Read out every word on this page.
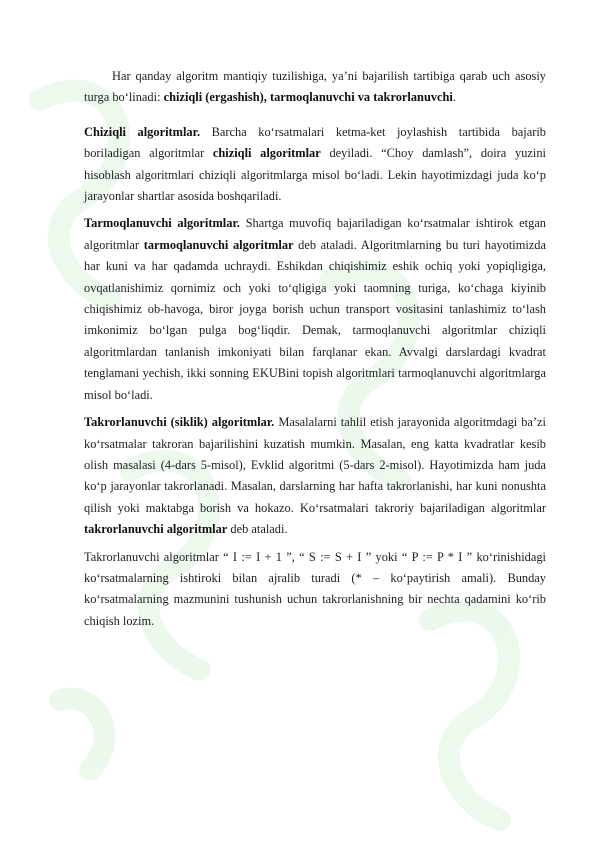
Har qanday algoritm mantiqiy tuzilishiga, ya’ni bajarilish tartibiga qarab uch asosiy turga bo‘linadi: chiziqli (ergashish), tarmoqlanuvchi va takrorlanuvchi.

Chiziqli algoritmlar. Barcha ko‘rsatmalari ketma-ket joylashish tartibida bajarib boriladigan algoritmlar chiziqli algoritmlar deyiladi. “Choy damlash”, doira yuzini hisoblash algoritmlari chiziqli algoritmlarga misol bo‘ladi. Lekin hayotimizdagi juda ko‘p jarayonlar shartlar asosida boshqariladi.

Tarmoqlanuvchi algoritmlar. Shartga muvofiq bajariladigan ko‘rsatmalar ishtirok etgan algoritmlar tarmoqlanuvchi algoritmlar deb ataladi. Algoritmlarning bu turi hayotimizda har kuni va har qadamda uchraydi. Eshikdan chiqishimiz eshik ochiq yoki yopiqligiga, ovqatlanishimiz qornimiz och yoki to‘qligiga yoki taomning turiga, ko‘chaga kiyinib chiqishimiz ob-havoga, biror joyga borish uchun transport vositasini tanlashimiz to‘lash imkonimiz bo‘lgan pulga bog‘liqdir. Demak, tarmoqlanuvchi algoritmlar chiziqli algoritmlardan tanlanish imkoniyati bilan farqlanar ekan. Avvalgi darslardagi kvadrat tenglamani yechish, ikki sonning EKUBini topish algoritmlari tarmoqlanuvchi algoritmlarga misol bo‘ladi.

Takrorlanuvchi (siklik) algoritmlar. Masalalarni tahlil etish jarayonida algoritmdagi ba’zi ko‘rsatmalar takroran bajarilishini kuzatish mumkin. Masalan, eng katta kvadratlar kesib olish masalasi (4-dars 5-misol), Evklid algoritmi (5-dars 2-misol). Hayotimizda ham juda ko‘p jarayonlar takrorlanadi. Masalan, darslarning har hafta takrorlanishi, har kuni nonushta qilish yoki maktabga borish va hokazo. Ko‘rsatmalari takroriy bajariladigan algoritmlar takrorlanuvchi algoritmlar deb ataladi.

Takrorlanuvchi algoritmlar “ I := I + 1 ”, “ S := S + I ” yoki “ P := P * I ” ko‘rinishidagi ko‘rsatmalarning ishtiroki bilan ajralib turadi (* – ko‘paytirish amali). Bunday ko‘rsatmalarning mazmunini tushunish uchun takrorlanishning bir nechta qadamini ko‘rib chiqish lozim.
